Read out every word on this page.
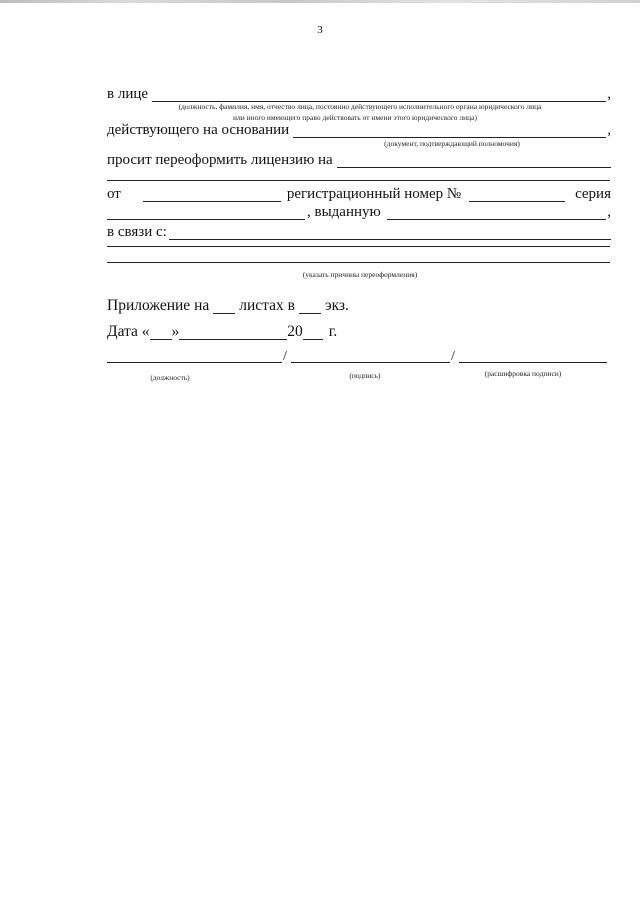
3
в лице	,
(должность, фамилия, имя, отчество лица, постоянно действующего исполнительного органа юридического лица
или иного имеющего право действовать от имени этого юридического лица)
действующего на основании	,
(документ, подтверждающий полномочия)
просит переоформить лицензию на
от	регистрационный номер №	серия
, выданную	,
в связи с:
(указать причины переоформления)
Приложение на листах в экз.
Дата « »	20	г.
/	/
(должность)	(подпись)	(расшифровка подписи)
